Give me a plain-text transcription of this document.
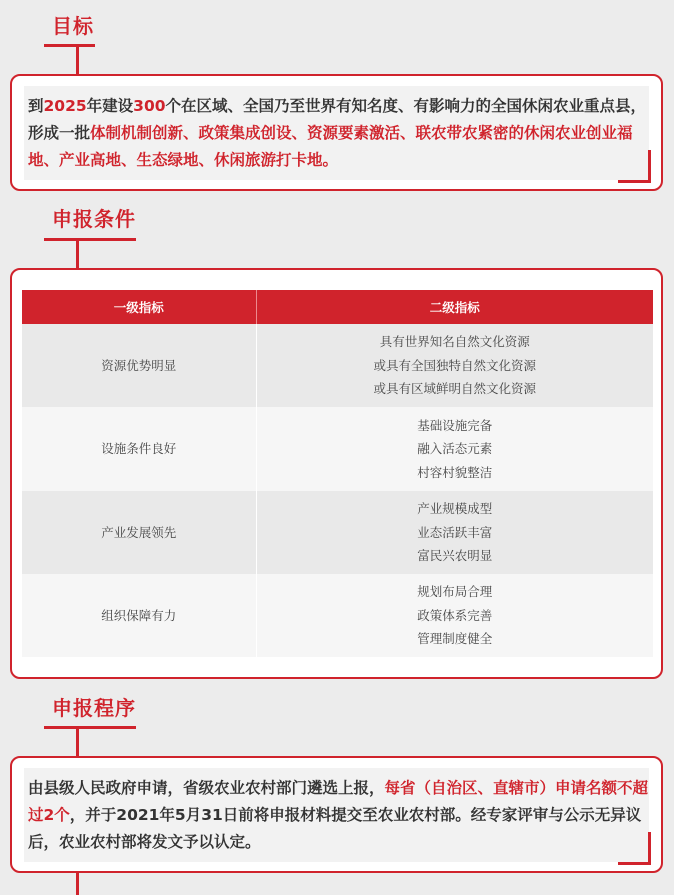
目标
到2025年建设300个在区域、全国乃至世界有知名度、有影响力的全国休闲农业重点县，形成一批体制机制创新、政策集成创设、资源要素激活、联农带农紧密的休闲农业创业福地、产业高地、生态绿地、休闲旅游打卡地。
申报条件
一级指标	二级指标
资源优势明显	具有世界知名自然文化资源
或具有全国独特自然文化资源
或具有区域鲜明自然文化资源

设施条件良好	基础设施完备
融入活态元素
村容村貌整洁

产业发展领先	产业规模成型
业态活跃丰富
富民兴农明显

组织保障有力	规划布局合理
政策体系完善
管理制度健全
申报程序
由县级人民政府申请，省级农业农村部门遴选上报，每省（自治区、直辖市）申请名额不超过2个，并于2021年5月31日前将申报材料提交至农业农村部。经专家评审与公示无异议后，农业农村部将发文予以认定。
